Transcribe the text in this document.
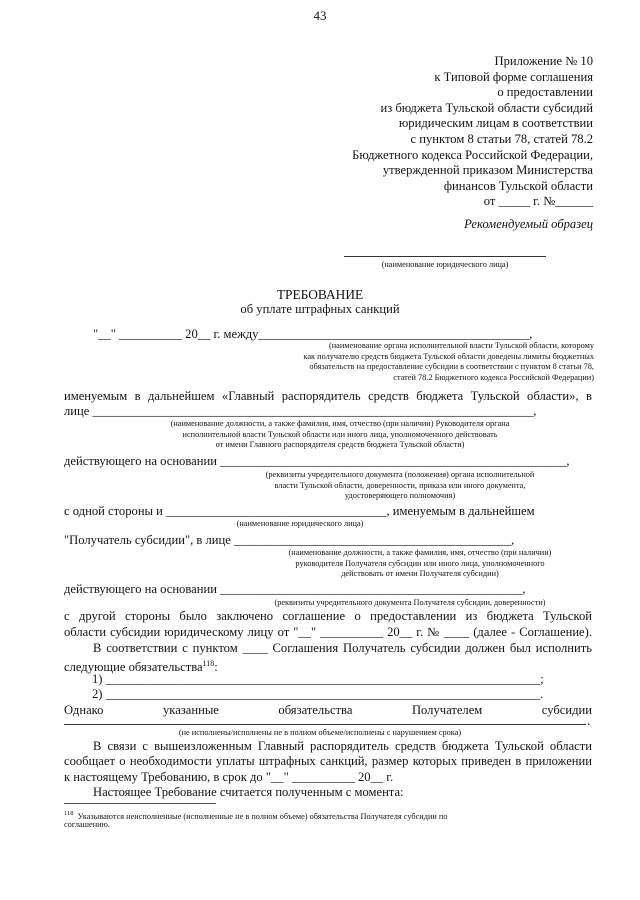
43
Приложение № 10
к Типовой форме соглашения
о предоставлении
из бюджета Тульской области субсидий
юридическим лицам в соответствии
с пунктом 8 статьи 78, статей 78.2
Бюджетного кодекса Российской Федерации,
утвержденной приказом Министерства
финансов Тульской области
от _____ г. №______
Рекомендуемый образец
(наименование юридического лица)
ТРЕБОВАНИЕ
об уплате штрафных санкций
"__" __________ 20__ г. между___________________________________________,
(наименование органа исполнительной власти Тульской области, которому
как получателю средств бюджета Тульской области доведены лимиты бюджетных
обязательств на предоставление субсидии в соответствии с пунктом 8 статьи 78,
статей 78.2 Бюджетного кодекса Российской Федерации)
именуемым в дальнейшем «Главный распорядитель средств бюджета Тульской области», в
лице ______________________________________________________________________,
(наименование должности, а также фамилия, имя, отчество (при наличии) Руководителя органа
исполнительной власти Тульской области или иного лица, уполномоченного действовать
от имени Главного распорядителя средств бюджета Тульской области)
действующего на основании _______________________________________________________,
(реквизиты учредительного документа (положения) органа исполнительной
власти Тульской области, доверенности, приказа или иного документа,
удостоверяющего полномочия)
с одной стороны и ___________________________________, именуемым в дальнейшем
(наименование юридического лица)
"Получатель субсидии", в лице ____________________________________________,
(наименование должности, а также фамилия, имя, отчество (при наличии)
руководителя Получателя субсидии или иного лица, уполномоченного
действовать от имени Получателя субсидии)
действующего на основании ________________________________________________,
(реквизиты учредительного документа Получателя субсидии, доверенности)
с другой стороны было заключено соглашение о предоставлении из бюджета Тульской
области субсидии юридическому лицу от "__" __________ 20__ г. № ____ (далее - Соглашение).
В соответствии с пунктом ____ Соглашения Получатель субсидии должен был исполнить
следующие обязательства$^{118}$:
1) _____________________________________________________________________;
2) _____________________________________________________________________.
Однако указанные обязательства Получателем субсидии
.
(не исполнены/исполнены не в полном объеме/исполнены с нарушением срока)
В связи с вышеизложенным Главный распорядитель средств бюджета Тульской области
сообщает о необходимости уплаты штрафных санкций, размер которых приведен в приложении
к настоящему Требованию, в срок до "__" __________ 20__ г.
Настоящее Требование считается полученным с момента:
$^{118}$ Указываются неисполненные (исполненные не в полном объеме) обязательства Получателя субсидии по
соглашению.
